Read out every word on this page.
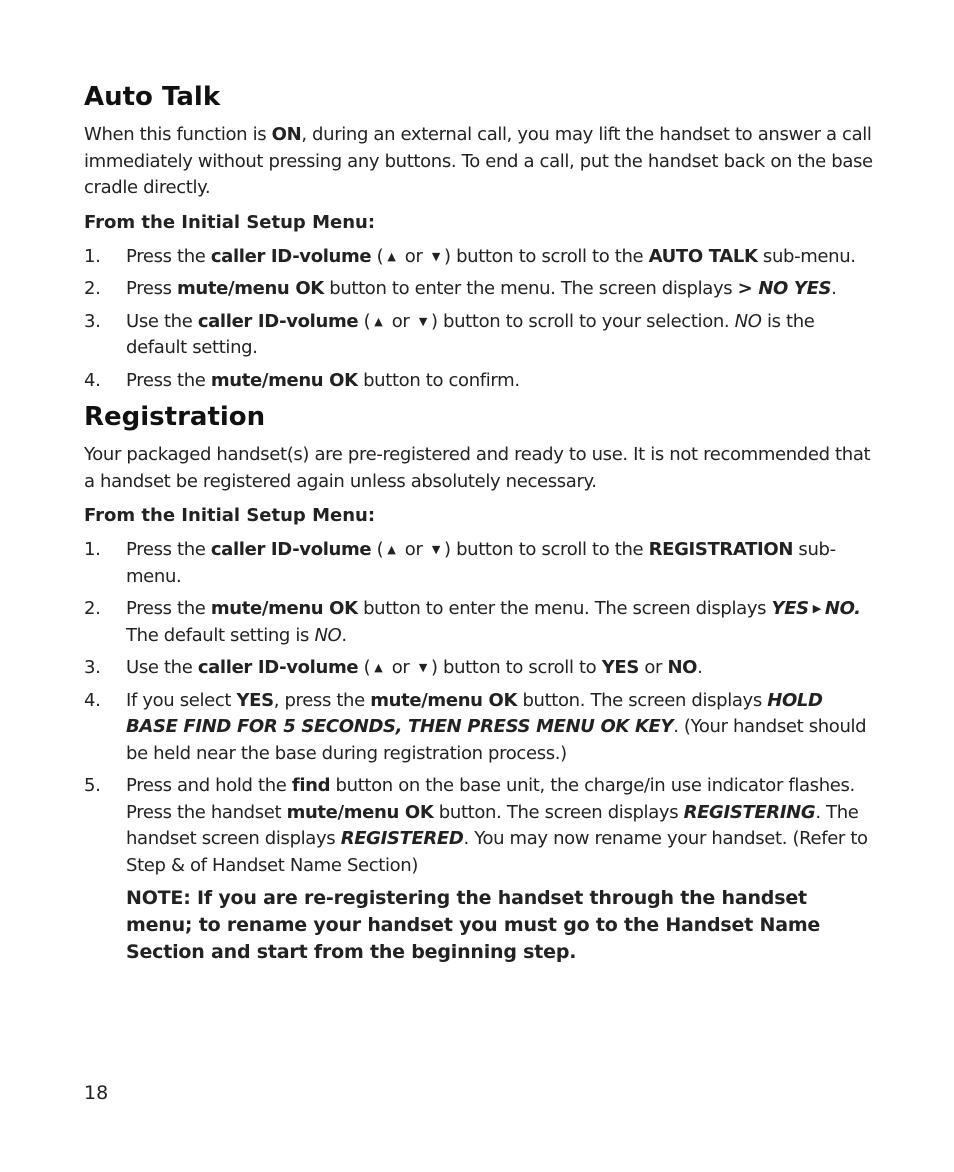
Auto Talk

When this function is ON, during an external call, you may lift the handset to answer a call immediately without pressing any buttons. To end a call, put the handset back on the base cradle directly.

From the Initial Setup Menu:
1. Press the caller ID-volume ( ▲ or ▼ ) button to scroll to the AUTO TALK sub-menu.
2. Press mute/menu OK button to enter the menu. The screen displays > NO YES.
3. Use the caller ID-volume ( ▲ or ▼ ) button to scroll to your selection. NO is the default setting.
4. Press the mute/menu OK button to confirm.
Registration

Your packaged handset(s) are pre-registered and ready to use. It is not recommended that a handset be registered again unless absolutely necessary.

From the Initial Setup Menu:
1. Press the caller ID-volume ( ▲ or ▼ ) button to scroll to the REGISTRATION sub-menu.
2. Press the mute/menu OK button to enter the menu. The screen displays YES ▶ NO. The default setting is NO.
3. Use the caller ID-volume ( ▲ or ▼ ) button to scroll to YES or NO.
4. If you select YES, press the mute/menu OK button. The screen displays HOLD BASE FIND FOR 5 SECONDS, THEN PRESS MENU OK KEY. (Your handset should be held near the base during registration process.)
5. Press and hold the find button on the base unit, the charge/in use indicator flashes. Press the handset mute/menu OK button. The screen displays REGISTERING. The handset screen displays REGISTERED. You may now rename your handset. (Refer to Step & of Handset Name Section)
NOTE: If you are re-registering the handset through the handset menu; to rename your handset you must go to the Handset Name Section and start from the beginning step.
18
